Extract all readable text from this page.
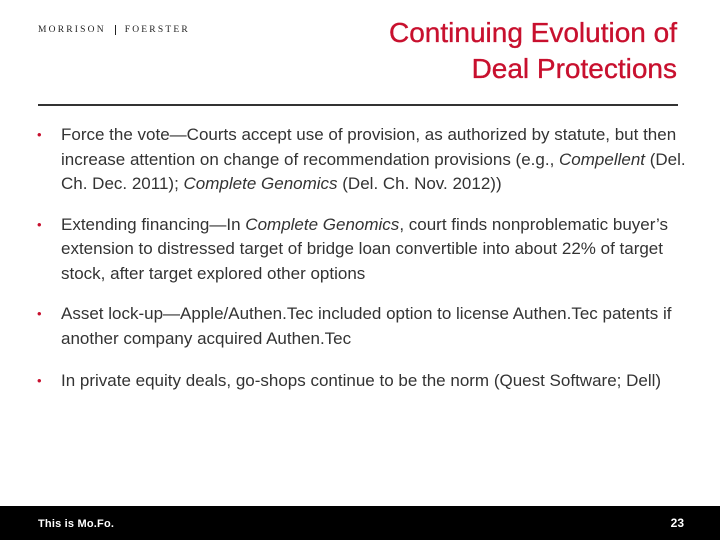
MORRISON FOERSTER	Continuing Evolution of
Deal Protections
• Force the vote—Courts accept use of provision, as authorized by statute, but then increase attention on change of recommendation provisions (e.g., Compellent (Del. Ch. Dec. 2011); Complete Genomics (Del. Ch. Nov. 2012))
• Extending financing—In Complete Genomics, court finds nonproblematic buyer’s extension to distressed target of bridge loan convertible into about 22% of target stock, after target explored other options
• Asset lock-up—Apple/Authen.Tec included option to license Authen.Tec patents if another company acquired Authen.Tec
• In private equity deals, go-shops continue to be the norm (Quest Software; Dell)
This is Mo.Fo.	23
